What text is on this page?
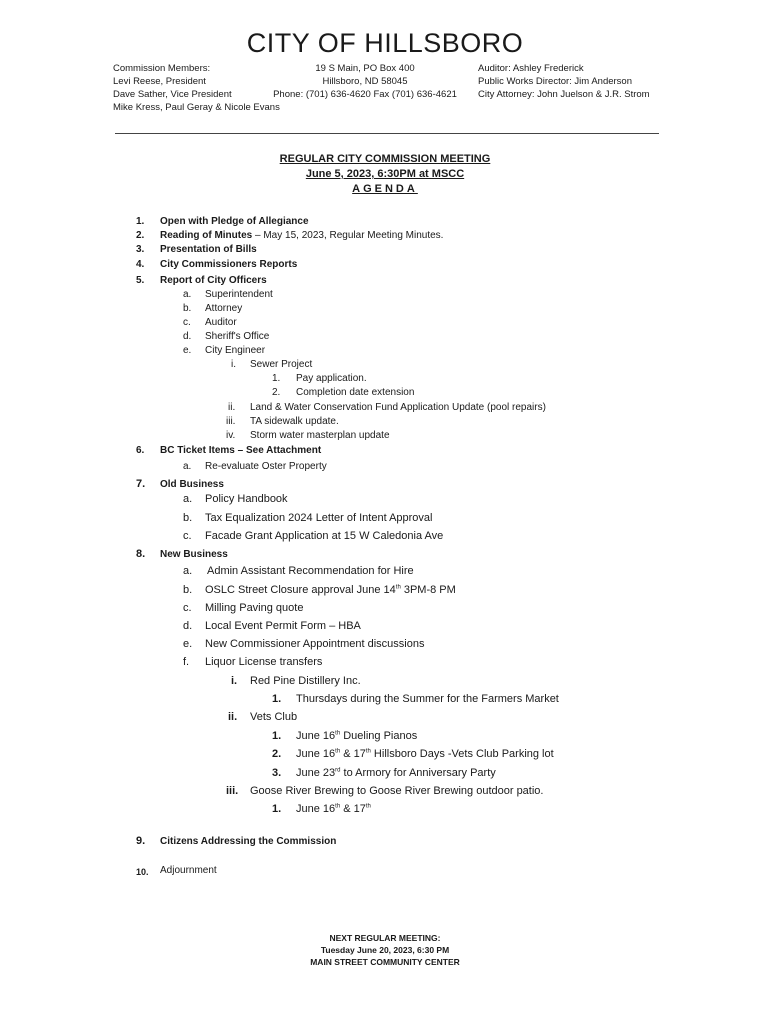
CITY OF HILLSBORO
Commission Members:
Levi Reese, President
Dave Sather, Vice President
Mike Kress, Paul Geray & Nicole Evans
19 S Main, PO Box 400
Hillsboro, ND 58045
Phone: (701) 636-4620 Fax (701) 636-4621
Auditor: Ashley Frederick
Public Works Director: Jim Anderson
City Attorney: John Juelson & J.R. Strom
REGULAR CITY COMMISSION MEETING
June 5, 2023, 6:30PM at MSCC
AGENDA
1. Open with Pledge of Allegiance
2. Reading of Minutes – May 15, 2023, Regular Meeting Minutes.
3. Presentation of Bills
4. City Commissioners Reports
5. Report of City Officers
a. Superintendent
b. Attorney
c. Auditor
d. Sheriff's Office
e. City Engineer
i. Sewer Project
1. Pay application.
2. Completion date extension
ii. Land & Water Conservation Fund Application Update (pool repairs)
iii. TA sidewalk update.
iv. Storm water masterplan update
6. BC Ticket Items – See Attachment
a. Re-evaluate Oster Property
7. Old Business
a. Policy Handbook
b. Tax Equalization 2024 Letter of Intent Approval
c. Facade Grant Application at 15 W Caledonia Ave
8. New Business
a. Admin Assistant Recommendation for Hire
b. OSLC Street Closure approval June 14th 3PM-8 PM
c. Milling Paving quote
d. Local Event Permit Form – HBA
e. New Commissioner Appointment discussions
f. Liquor License transfers
i. Red Pine Distillery Inc.
1. Thursdays during the Summer for the Farmers Market
ii. Vets Club
1. June 16th Dueling Pianos
2. June 16th & 17th Hillsboro Days -Vets Club Parking lot
3. June 23rd to Armory for Anniversary Party
iii. Goose River Brewing to Goose River Brewing outdoor patio.
1. June 16th & 17th
9. Citizens Addressing the Commission
10. Adjournment
NEXT REGULAR MEETING:
Tuesday June 20, 2023, 6:30 PM
MAIN STREET COMMUNITY CENTER
